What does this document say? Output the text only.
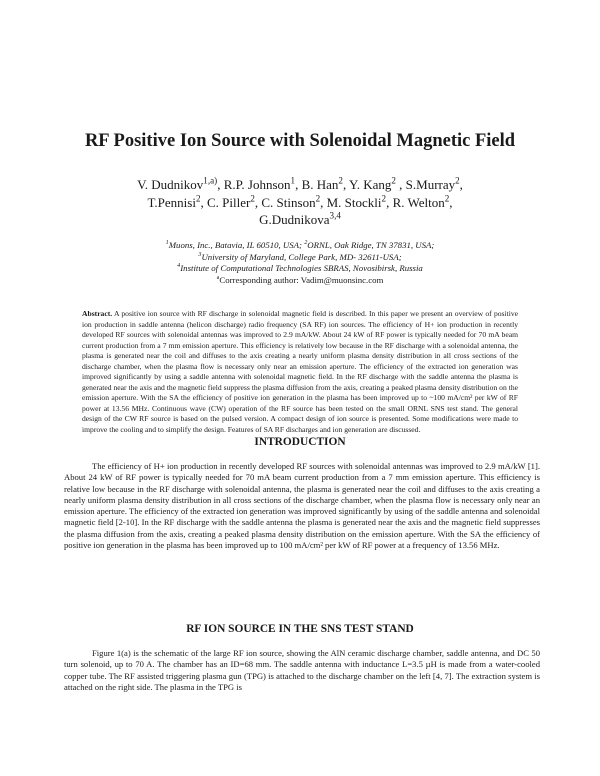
RF Positive Ion Source with Solenoidal Magnetic Field
V. Dudnikov$^{1,a)}$, R.P. Johnson$^1$, B. Han$^2$, Y. Kang$^2$ , S.Murray$^2$,
T.Pennisi$^2$, C. Piller$^2$, C. Stinson$^2$, M. Stockli$^2$, R. Welton$^2$,
G.Dudnikova$^{3,4}$
$^1$Muons, Inc., Batavia, IL 60510, USA; $^2$ORNL, Oak Ridge, TN 37831, USA;
$^3$University of Maryland, College Park, MD- 32611-USA;
$^4$Institute of Computational Technologies SBRAS, Novosibirsk, Russia
$^a$Corresponding author: Vadim@muonsinc.com
Abstract. A positive ion source with RF discharge in solenoidal magnetic field is described. In this paper we present an overview of positive ion production in saddle antenna (helicon discharge) radio frequency (SA RF) ion sources. The efficiency of H+ ion production in recently developed RF sources with solenoidal antennas was improved to 2.9 mA/kW. About 24 kW of RF power is typically needed for 70 mA beam current production from a 7 mm emission aperture. This efficiency is relatively low because in the RF discharge with a solenoidal antenna, the plasma is generated near the coil and diffuses to the axis creating a nearly uniform plasma density distribution in all cross sections of the discharge chamber, when the plasma flow is necessary only near an emission aperture. The efficiency of the extracted ion generation was improved significantly by using a saddle antenna with solenoidal magnetic field. In the RF discharge with the saddle antenna the plasma is generated near the axis and the magnetic field suppress the plasma diffusion from the axis, creating a peaked plasma density distribution on the emission aperture. With the SA the efficiency of positive ion generation in the plasma has been improved up to ~100 mA/cm² per kW of RF power at 13.56 MHz. Continuous wave (CW) operation of the RF source has been tested on the small ORNL SNS test stand. The general design of the CW RF source is based on the pulsed version. A compact design of ion source is presented. Some modifications were made to improve the cooling and to simplify the design. Features of SA RF discharges and ion generation are discussed.
INTRODUCTION

The efficiency of H+ ion production in recently developed RF sources with solenoidal antennas was improved to 2.9 mA/kW [1]. About 24 kW of RF power is typically needed for 70 mA beam current production from a 7 mm emission aperture. This efficiency is relative low because in the RF discharge with solenoidal antenna, the plasma is generated near the coil and diffuses to the axis creating a nearly uniform plasma density distribution in all cross sections of the discharge chamber, when the plasma flow is necessary only near an emission aperture. The efficiency of the extracted ion generation was improved significantly by using of the saddle antenna and solenoidal magnetic field [2-10]. In the RF discharge with the saddle antenna the plasma is generated near the axis and the magnetic field suppresses the plasma diffusion from the axis, creating a peaked plasma density distribution on the emission aperture. With the SA the efficiency of positive ion generation in the plasma has been improved up to 100 mA/cm² per kW of RF power at a frequency of 13.56 MHz.

RF ION SOURCE IN THE SNS TEST STAND

Figure 1(a) is the schematic of the large RF ion source, showing the AlN ceramic discharge chamber, saddle antenna, and DC 50 turn solenoid, up to 70 A. The chamber has an ID=68 mm. The saddle antenna with inductance L=3.5 µH is made from a water-cooled copper tube. The RF assisted triggering plasma gun (TPG) is attached to the discharge chamber on the left [4, 7]. The extraction system is attached on the right side. The plasma in the TPG is
